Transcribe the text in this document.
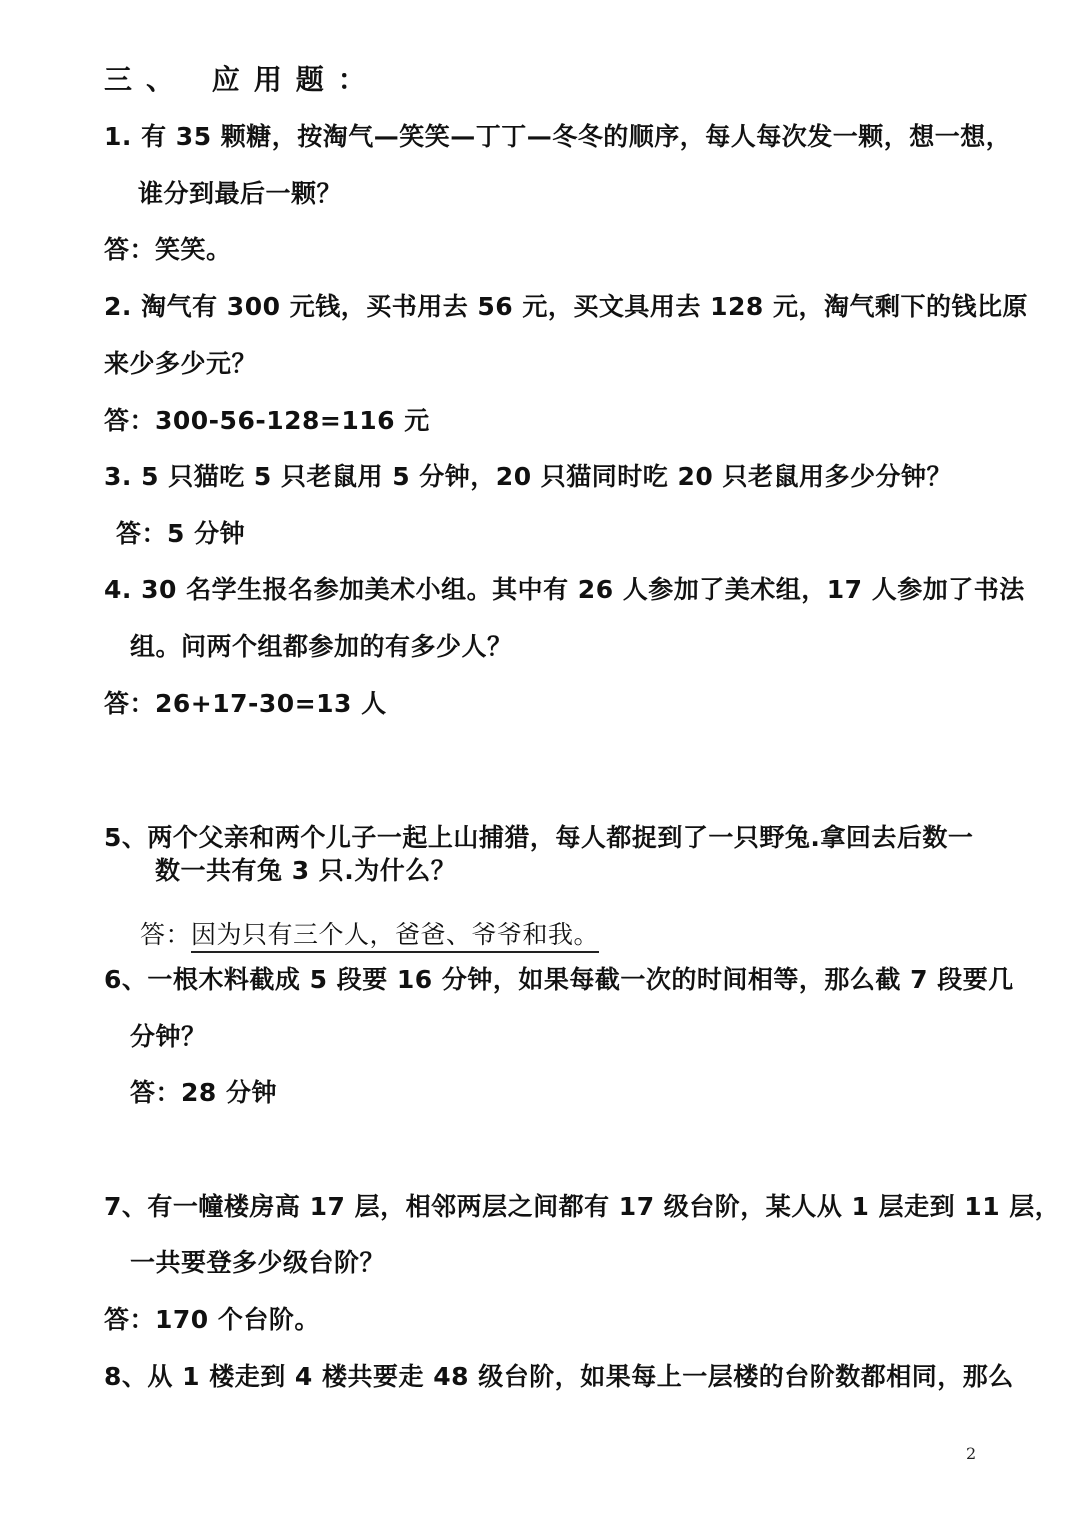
三、 应用题：
1. 有 35 颗糖，按淘气—笑笑—丁丁—冬冬的顺序，每人每次发一颗，想一想，
谁分到最后一颗？
答：笑笑。
2. 淘气有 300 元钱，买书用去 56 元，买文具用去 128 元，淘气剩下的钱比原
来少多少元？
答：300-56-128=116 元
3. 5 只猫吃 5 只老鼠用 5 分钟，20 只猫同时吃 20 只老鼠用多少分钟？
答：5 分钟
4. 30 名学生报名参加美术小组。其中有 26 人参加了美术组，17 人参加了书法
组。问两个组都参加的有多少人？
答：26+17-30=13 人
5、两个父亲和两个儿子一起上山捕猎，每人都捉到了一只野兔.拿回去后数一
数一共有兔 3 只.为什么？
答：因为只有三个人，爸爸、爷爷和我。
6、一根木料截成 5 段要 16 分钟，如果每截一次的时间相等，那么截 7 段要几
分钟？
答：28 分钟
7、有一幢楼房高 17 层，相邻两层之间都有 17 级台阶，某人从 1 层走到 11 层，
一共要登多少级台阶？
答：170 个台阶。
8、从 1 楼走到 4 楼共要走 48 级台阶，如果每上一层楼的台阶数都相同，那么
2
